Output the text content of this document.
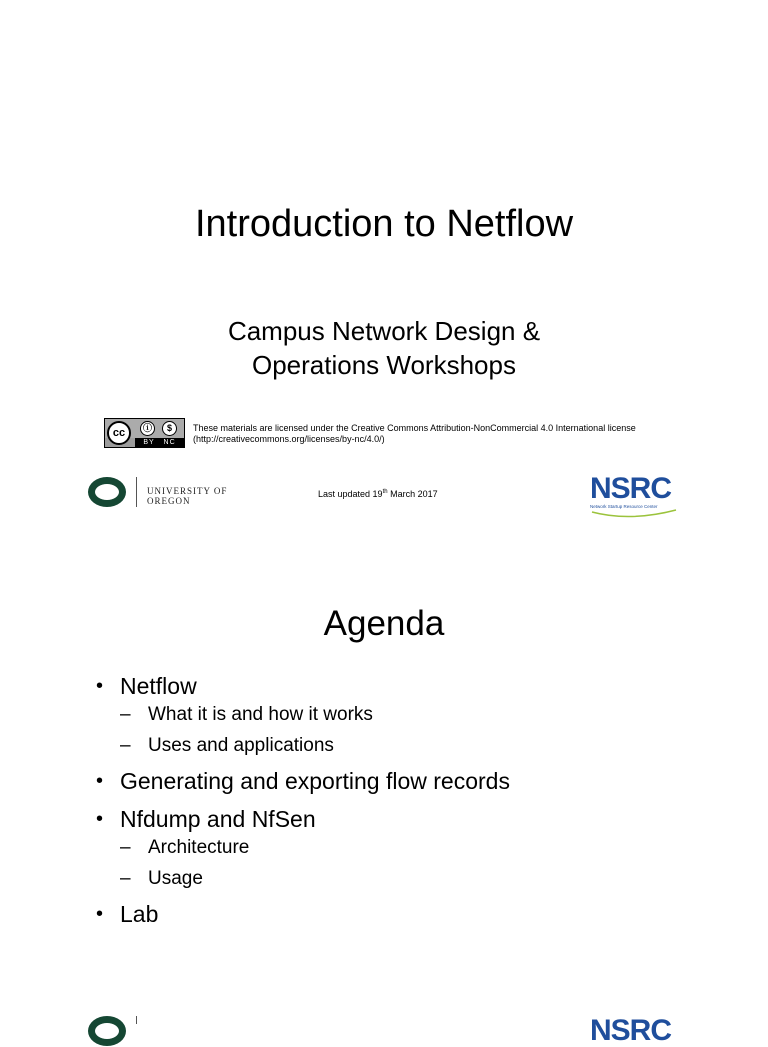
Introduction to Netflow
Campus Network Design &
Operations Workshops
cc	ⓘ	$
BY NC
These materials are licensed under the Creative Commons Attribution-NonCommercial 4.0 International license
(http://creativecommons.org/licenses/by-nc/4.0/)
UNIVERSITY OF OREGON
Last updated 19th March 2017	NSRC
Network Startup Resource Center
Agenda
• Netflow
– What it is and how it works
– Uses and applications
• Generating and exporting flow records
• Nfdump and NfSen
– Architecture
– Usage
• Lab
NSRC
